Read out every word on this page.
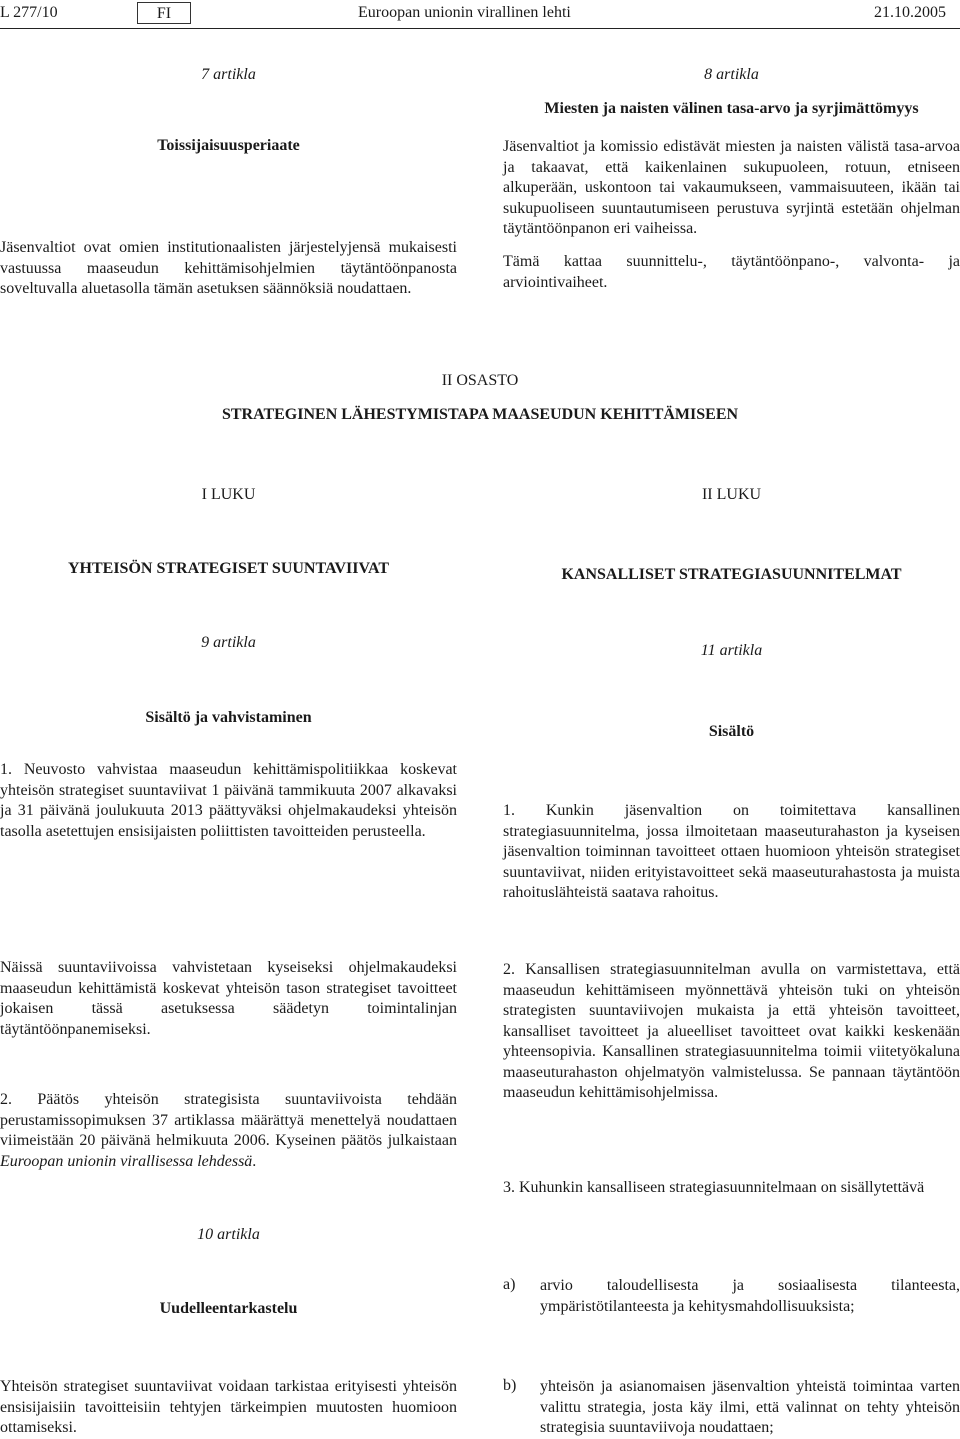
L 277/10	FI	Euroopan unionin virallinen lehti	21.10.2005
7 artikla
Toissijaisuusperiaate

Jäsenvaltiot ovat omien institutionaalisten järjestelyjensä mukaisesti vastuussa maaseudun kehittämisohjelmien täytäntöönpanosta soveltuvalla aluetasolla tämän asetuksen säännöksiä noudattaen.

8 artikla
Miesten ja naisten välinen tasa-arvo ja syrjimättömyys

Jäsenvaltiot ja komissio edistävät miesten ja naisten välistä tasa-arvoa ja takaavat, että kaikenlainen sukupuoleen, rotuun, etniseen alkuperään, uskontoon tai vakaumukseen, vammaisuuteen, ikään tai sukupuoliseen suuntautumiseen perustuva syrjintä estetään ohjelman täytäntöönpanon eri vaiheissa.

Tämä kattaa suunnittelu-, täytäntöönpano-, valvonta- ja arviointivaiheet.

II OSASTO
STRATEGINEN LÄHESTYMISTAPA MAASEUDUN KEHITTÄMISEEN
I LUKU
YHTEISÖN STRATEGISET SUUNTAVIIVAT
II LUKU
KANSALLISET STRATEGIASUUNNITELMAT
9 artikla
Sisältö ja vahvistaminen

1. Neuvosto vahvistaa maaseudun kehittämispolitiikkaa koskevat yhteisön strategiset suuntaviivat 1 päivänä tammikuuta 2007 alkavaksi ja 31 päivänä joulukuuta 2013 päättyväksi ohjelmakaudeksi yhteisön tasolla asetettujen ensisijaisten poliittisten tavoitteiden perusteella.

Näissä suuntaviivoissa vahvistetaan kyseiseksi ohjelmakaudeksi maaseudun kehittämistä koskevat yhteisön tason strategiset tavoitteet jokaisen tässä asetuksessa säädetyn toimintalinjan täytäntöönpanemiseksi.

2. Päätös yhteisön strategisista suuntaviivoista tehdään perustamissopimuksen 37 artiklassa määrättyä menettelyä noudattaen viimeistään 20 päivänä helmikuuta 2006. Kyseinen päätös julkaistaan Euroopan unionin virallisessa lehdessä.

10 artikla
Uudelleentarkastelu

Yhteisön strategiset suuntaviivat voidaan tarkistaa erityisesti yhteisön ensisijaisiin tavoitteisiin tehtyjen tärkeimpien muutosten huomioon ottamiseksi.

11 artikla
Sisältö

1. Kunkin jäsenvaltion on toimitettava kansallinen strategiasuunnitelma, jossa ilmoitetaan maaseuturahaston ja kyseisen jäsenvaltion toiminnan tavoitteet ottaen huomioon yhteisön strategiset suuntaviivat, niiden erityistavoitteet sekä maaseuturahastosta ja muista rahoituslähteistä saatava rahoitus.

2. Kansallisen strategiasuunnitelman avulla on varmistettava, että maaseudun kehittämiseen myönnettävä yhteisön tuki on yhteisön strategisten suuntaviivojen mukaista ja että yhteisön tavoitteet, kansalliset tavoitteet ja alueelliset tavoitteet ovat kaikki keskenään yhteensopivia. Kansallinen strategiasuunnitelma toimii viitetyökaluna maaseuturahaston ohjelmatyön valmistelussa. Se pannaan täytäntöön maaseudun kehittämisohjelmissa.

3. Kuhunkin kansalliseen strategiasuunnitelmaan on sisällytettävä

a)	arvio taloudellisesta ja sosiaalisesta tilanteesta, ympäristötilanteesta ja kehitysmahdollisuuksista;

b)	yhteisön ja asianomaisen jäsenvaltion yhteistä toimintaa varten valittu strategia, josta käy ilmi, että valinnat on tehty yhteisön strategisia suuntaviivoja noudattaen;
